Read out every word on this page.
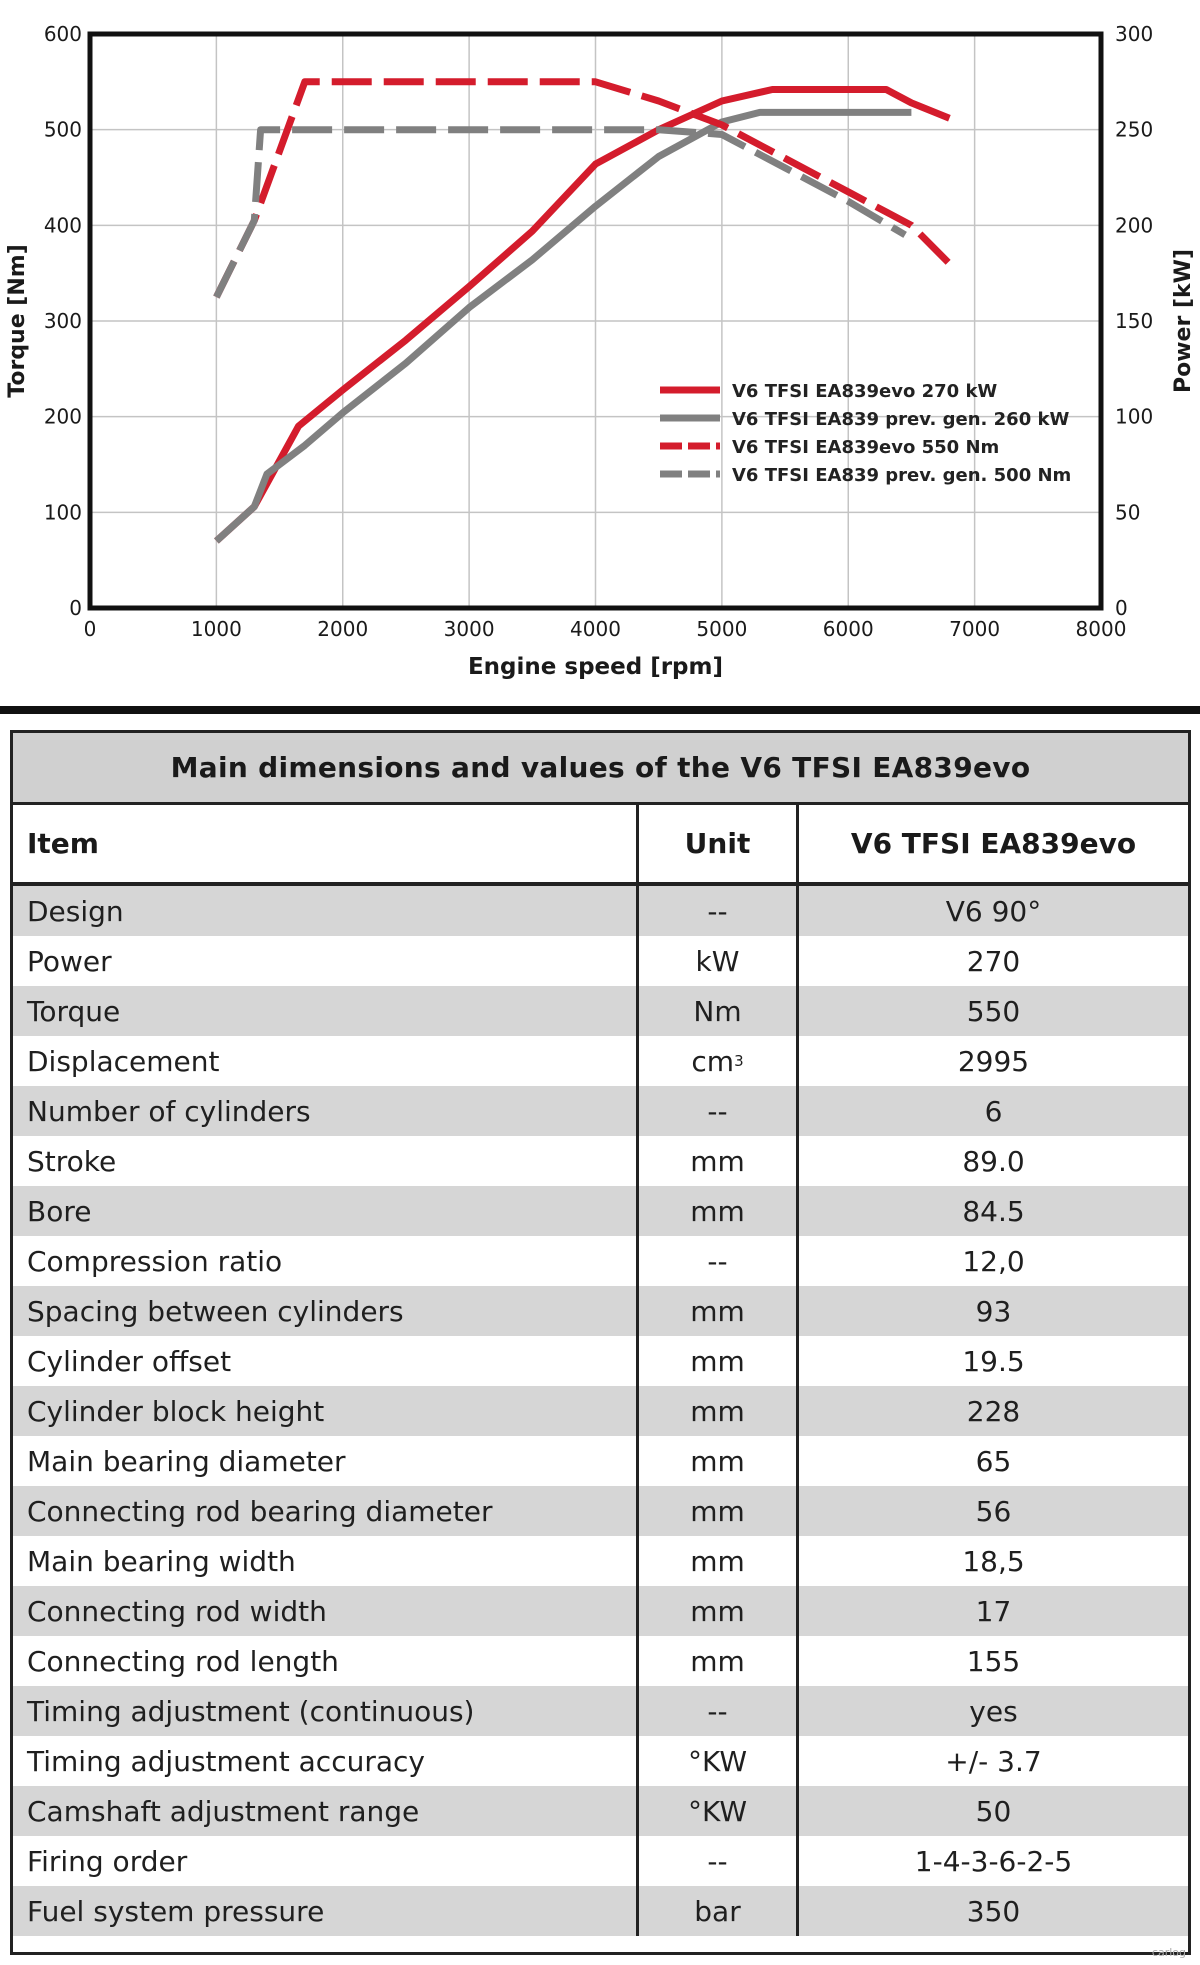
0	1000	2000	3000	4000	5000	6000	7000	8000
0
100
200
300
400
500
600
0
50
100
150
200
250
300
Engine speed [rpm]
Torque [Nm]	Power [kW]
V6 TFSI EA839evo 270 kW
V6 TFSI EA839 prev. gen. 260 kW
V6 TFSI EA839evo 550 Nm
V6 TFSI EA839 prev. gen. 500 Nm
Main dimensions and values of the V6 TFSI EA839evo
Item	Unit	V6 TFSI EA839evo
Design	--	V6 90°
Power	kW	270
Torque	Nm	550
Displacement	cm 3	2995
Number of cylinders	--	6
Stroke	mm	89.0
Bore	mm	84.5
Compression ratio	--	12,0
Spacing between cylinders	mm	93
Cylinder offset	mm	19.5
Cylinder block height	mm	228
Main bearing diameter	mm	65
Connecting rod bearing diameter	mm	56
Main bearing width	mm	18,5
Connecting rod width	mm	17
Connecting rod length	mm	155
Timing adjustment (continuous)	--	yes
Timing adjustment accuracy	°KW	+/- 3.7
Camshaft adjustment range	°KW	50
Firing order	--	1-4-3-6-2-5
Fuel system pressure	bar	350
carlog
